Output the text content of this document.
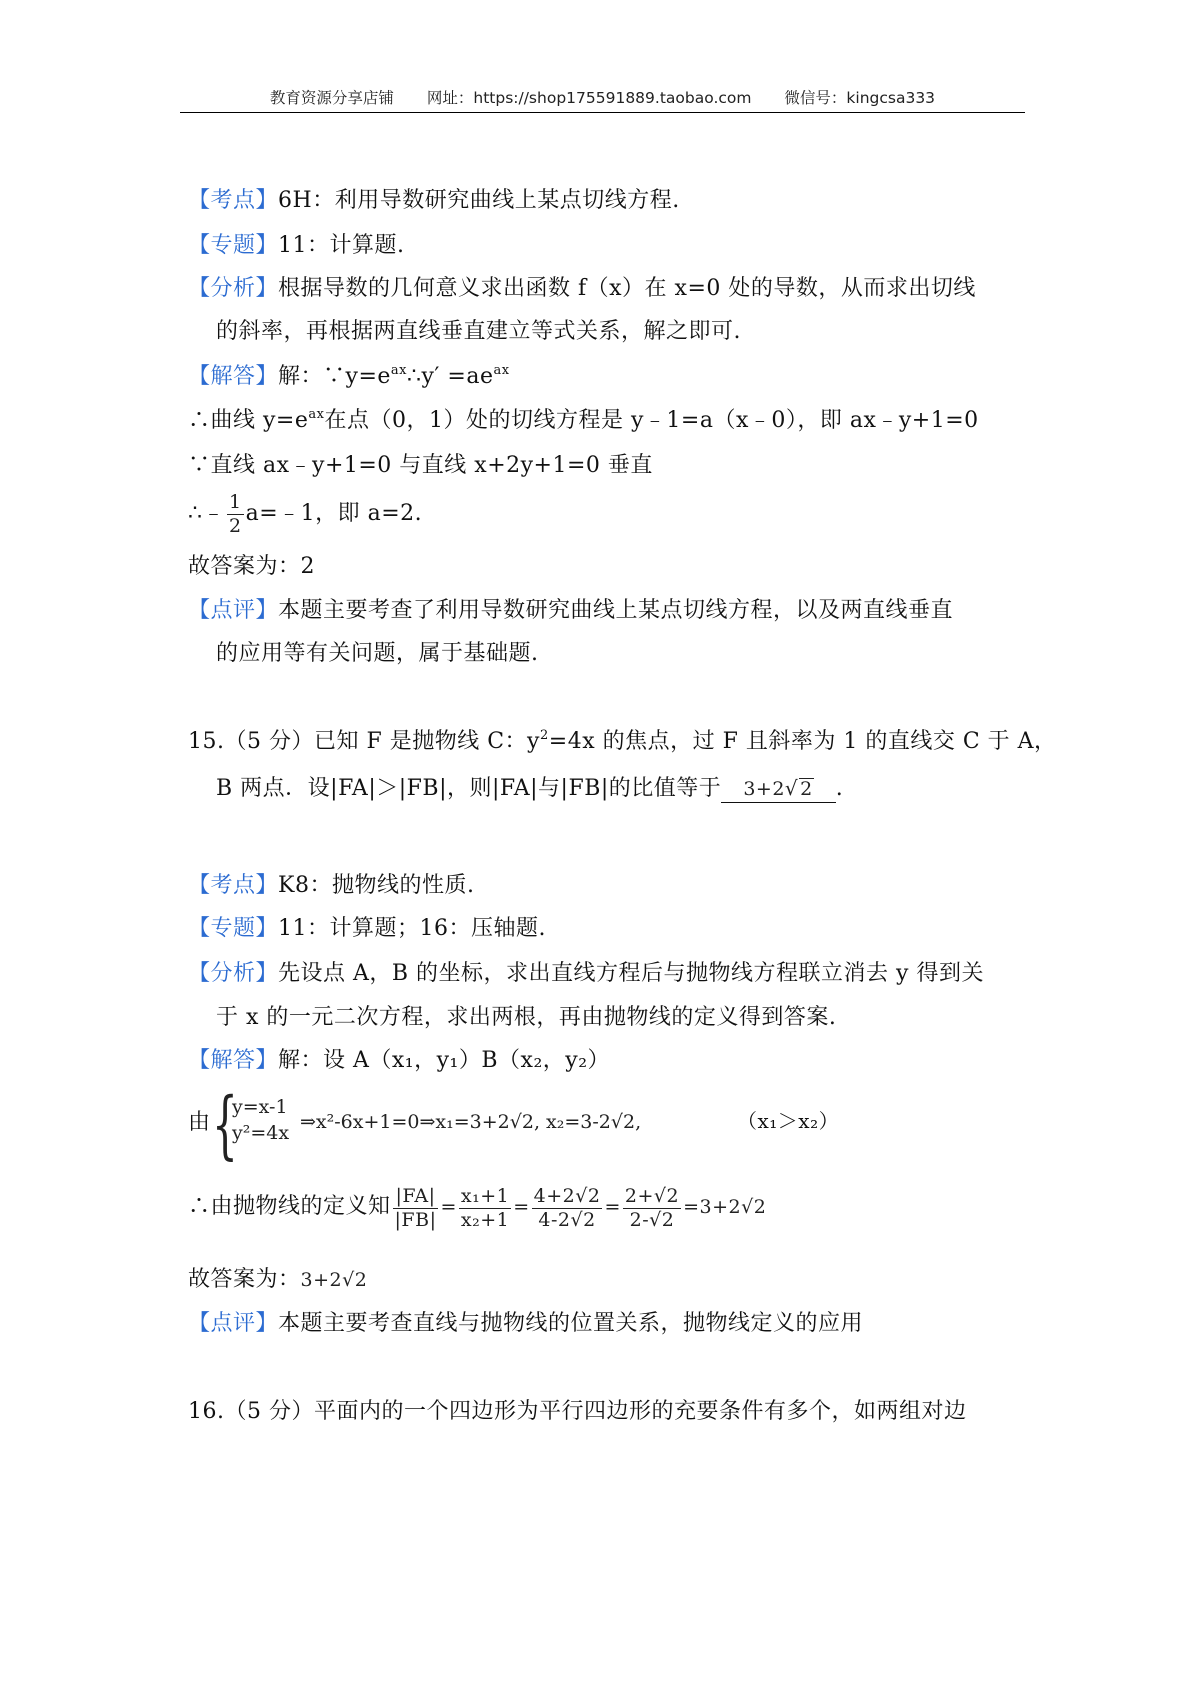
教育资源分享店铺 网址：https://shop175591889.taobao.com 微信号：kingcsa333
【考点】6H：利用导数研究曲线上某点切线方程.
【专题】11：计算题.
【分析】根据导数的几何意义求出函数 f（x）在 x=0 处的导数，从而求出切线
的斜率，再根据两直线垂直建立等式关系，解之即可.
【解答】解：$\because y=e^{ax}\therefore y' =ae^{ax}$
∴曲线 $y=e^{ax}$在点（0，1）处的切线方程是 y﹣1=a（x﹣0），即 ax﹣y+1=0
∵直线 ax﹣y+1=0 与直线 x+2y+1=0 垂直
∴﹣ $\frac{1}{2}$ a=﹣1，即 a=2.
故答案为：2
【点评】本题主要考查了利用导数研究曲线上某点切线方程，以及两直线垂直
的应用等有关问题，属于基础题.
15.（5 分）已知 F 是抛物线 C：$y^2=4x$ 的焦点，过 F 且斜率为 1 的直线交 C 于 A，
B 两点．设|FA|＞|FB|，则|FA|与|FB|的比值等于 3+2√ 2 .
【考点】K8：抛物线的性质.
【专题】11：计算题；16：压轴题.
【分析】先设点 A，B 的坐标，求出直线方程后与抛物线方程联立消去 y 得到关
于 x 的一元二次方程，求出两根，再由抛物线的定义得到答案.
【解答】解：设 A（x₁，y₁）B（x₂，y₂）
由 {
y=x-1
y²=4x ⇒x²-6x+1=0⇒x₁=3+2√2, x₂=3-2√2,	（x₁＞x₂）
∴由抛物线的定义知 $\frac{|FA|}{|FB|} = \frac{\text{x₁+1}}{\text{x₂+1}} = \frac{4+2√2}{4-2√2} = \frac{2+√2}{2-√2} =3+2√2$
故答案为：3+2√2
【点评】本题主要考查直线与抛物线的位置关系，抛物线定义的应用
16.（5 分）平面内的一个四边形为平行四边形的充要条件有多个，如两组对边
